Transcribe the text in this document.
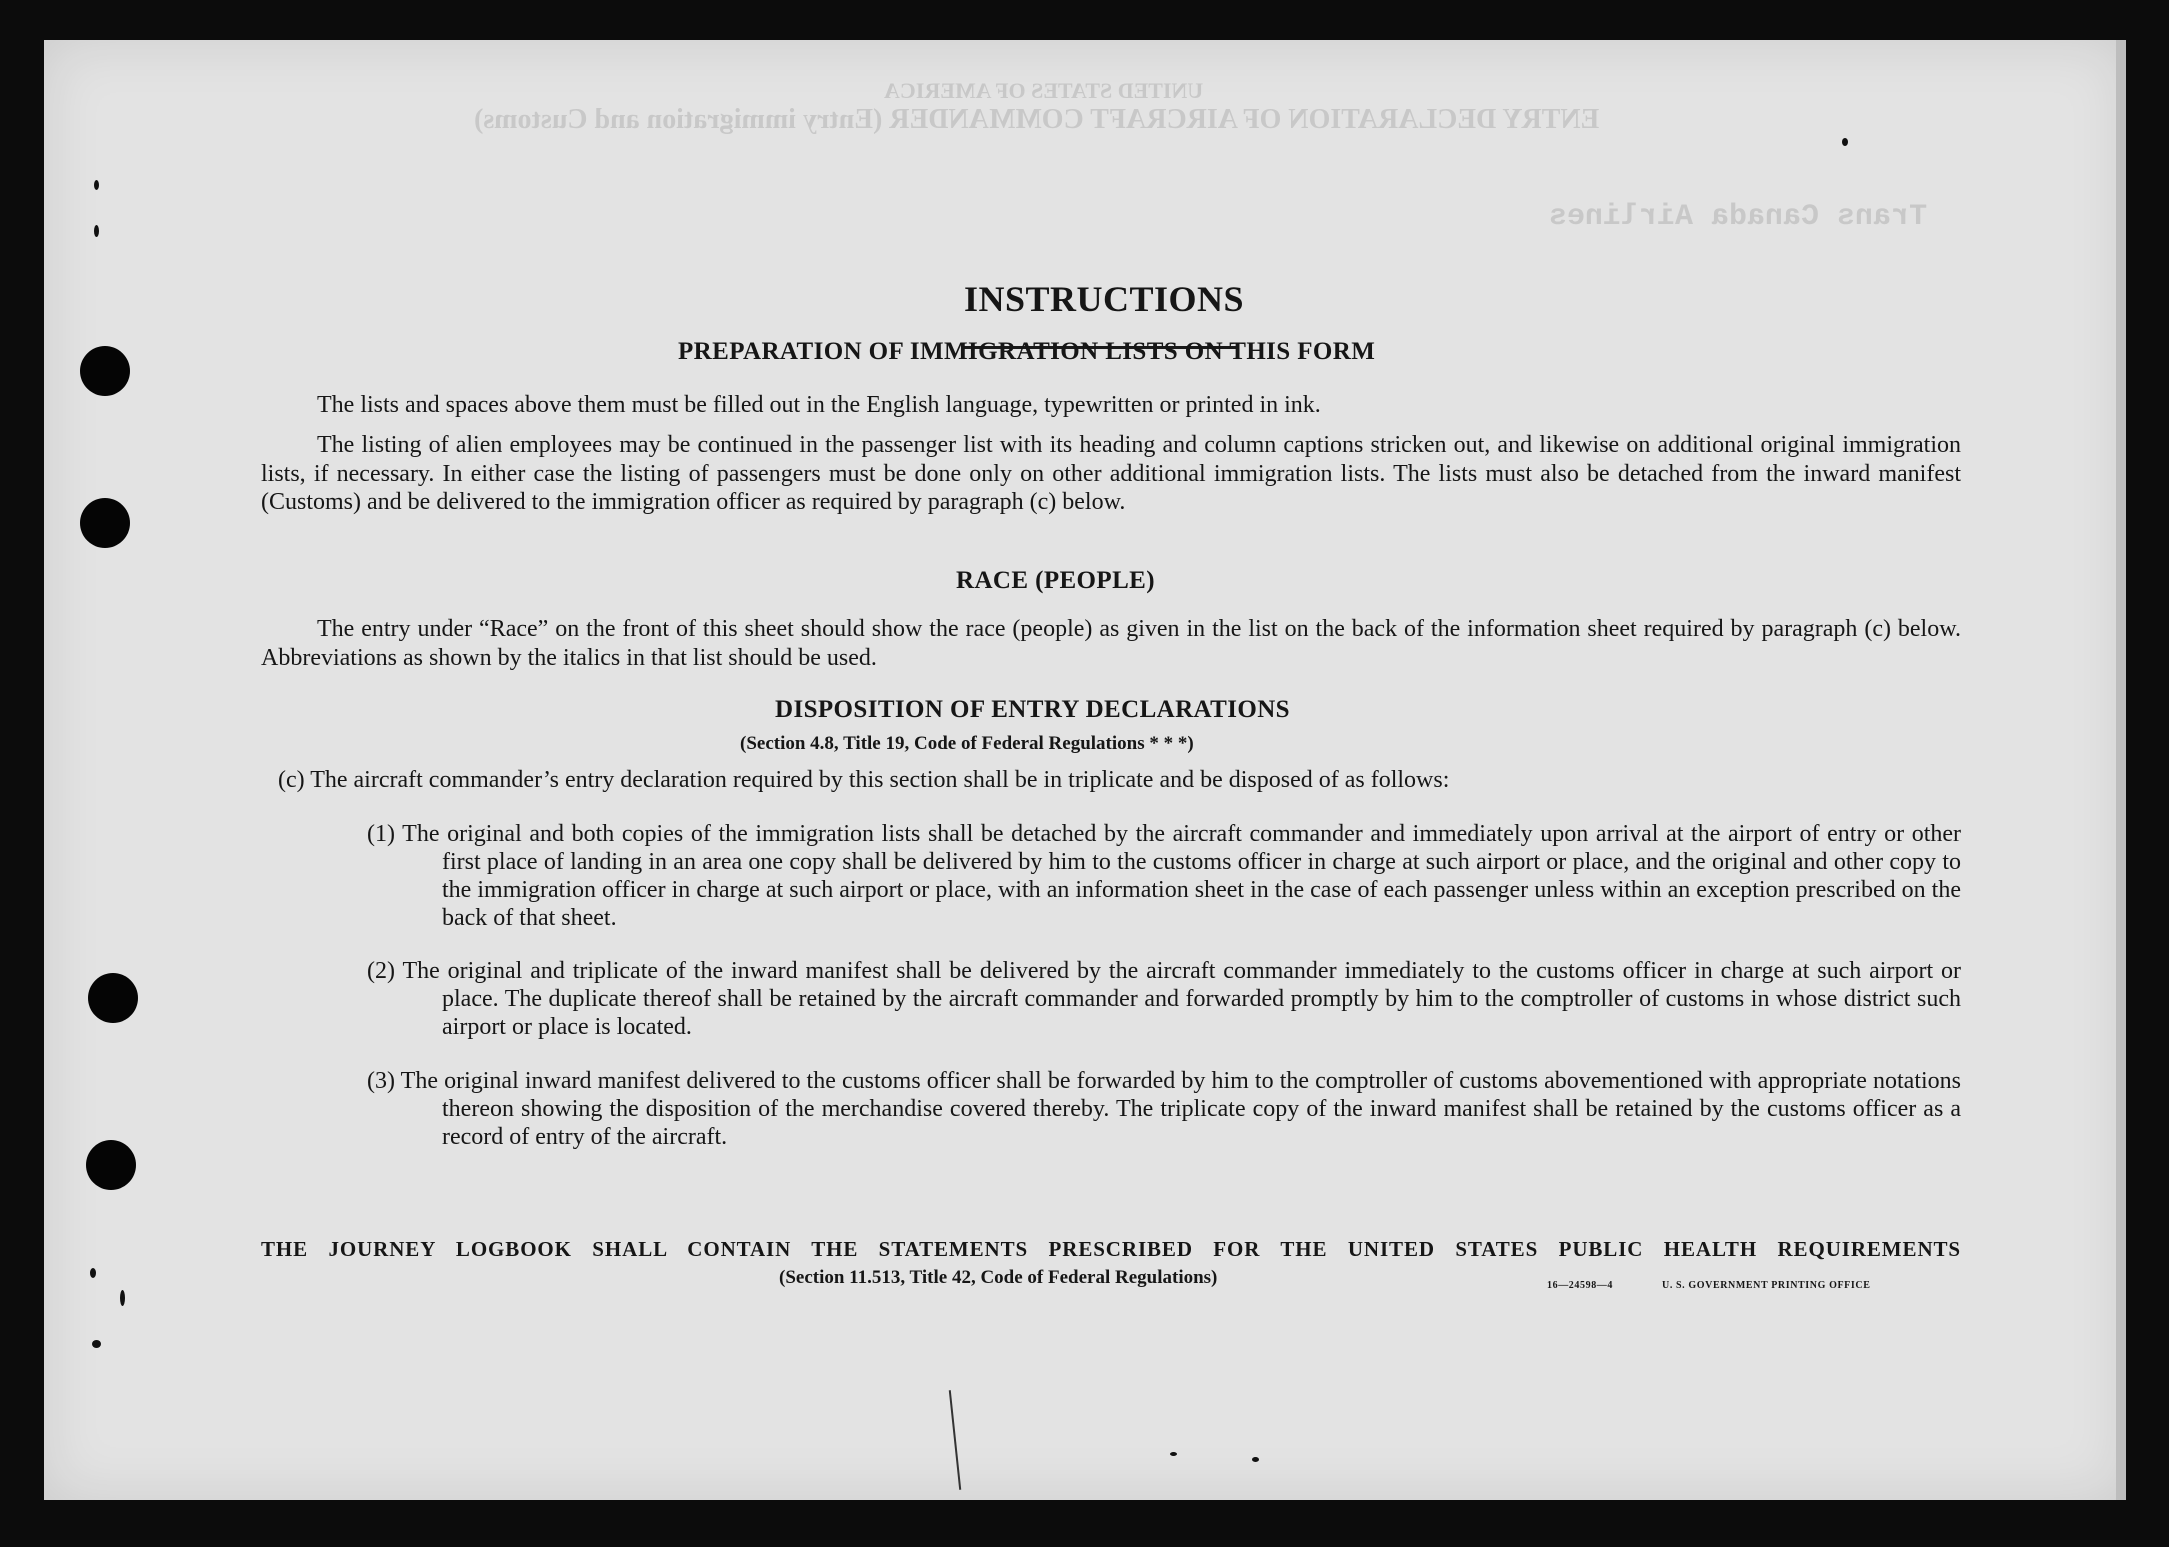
UNITED STATES OF AMERICA
ENTRY DECLARATION OF AIRCRAFT COMMANDER (Entry immigration and Customs)
Trans Canada Airlines
INSTRUCTIONS
PREPARATION OF IMMIGRATION LISTS ON THIS FORM
The lists and spaces above them must be filled out in the English language, typewritten or printed in ink.
The listing of alien employees may be continued in the passenger list with its heading and column captions stricken out, and likewise on additional original immigration lists, if necessary. In either case the listing of passengers must be done only on other additional immigration lists. The lists must also be detached from the inward manifest (Customs) and be delivered to the immigration officer as required by paragraph (c) below.
RACE (PEOPLE)
The entry under “Race” on the front of this sheet should show the race (people) as given in the list on the back of the information sheet required by paragraph (c) below. Abbreviations as shown by the italics in that list should be used.
DISPOSITION OF ENTRY DECLARATIONS
(Section 4.8, Title 19, Code of Federal Regulations * * *)
(c) The aircraft commander’s entry declaration required by this section shall be in triplicate and be disposed of as follows:
(1) The original and both copies of the immigration lists shall be detached by the aircraft commander and immediately upon arrival at the airport of entry or other first place of landing in an area one copy shall be delivered by him to the customs officer in charge at such airport or place, and the original and other copy to the immigration officer in charge at such airport or place, with an information sheet in the case of each passenger unless within an exception prescribed on the back of that sheet.
(2) The original and triplicate of the inward manifest shall be delivered by the aircraft commander immediately to the customs officer in charge at such airport or place. The duplicate thereof shall be retained by the aircraft commander and forwarded promptly by him to the comptroller of customs in whose district such airport or place is located.
(3) The original inward manifest delivered to the customs officer shall be forwarded by him to the comptroller of customs abovementioned with appropriate notations thereon showing the disposition of the merchandise covered thereby. The triplicate copy of the inward manifest shall be retained by the customs officer as a record of entry of the aircraft.
THE JOURNEY LOGBOOK SHALL CONTAIN THE STATEMENTS PRESCRIBED FOR THE UNITED STATES PUBLIC HEALTH REQUIREMENTS
(Section 11.513, Title 42, Code of Federal Regulations)	16—24598—4	U. S. GOVERNMENT PRINTING OFFICE
